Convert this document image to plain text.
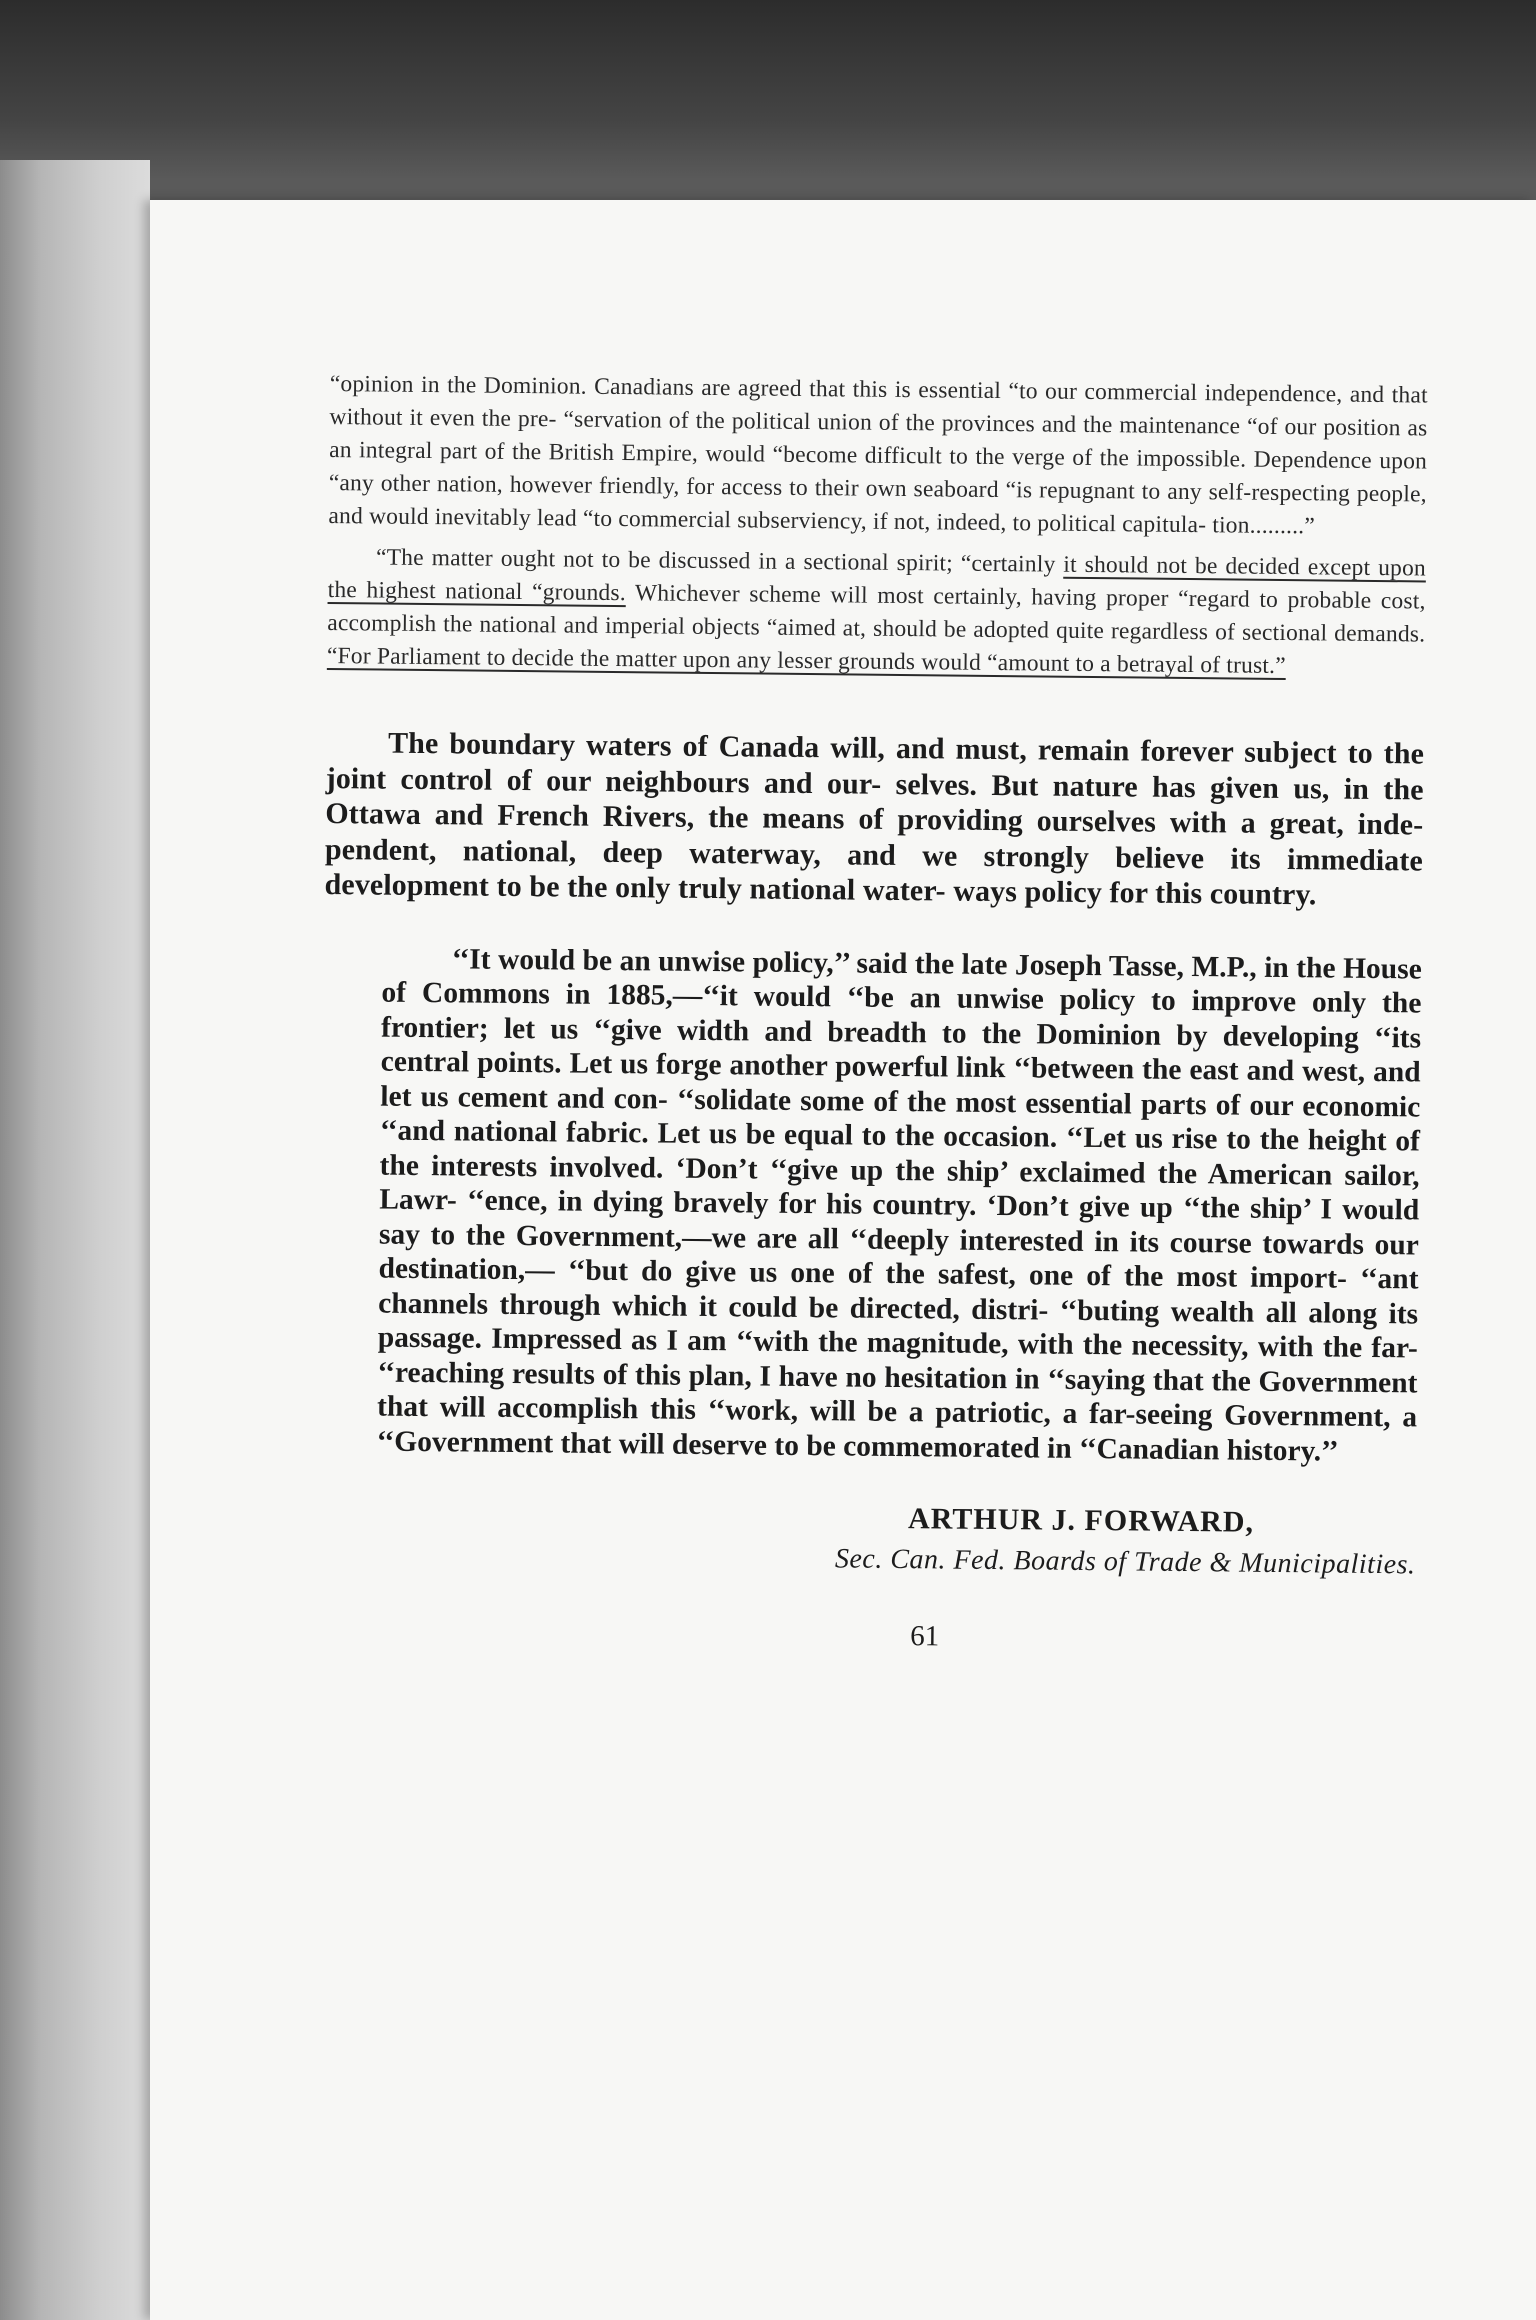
“opinion in the Dominion. Canadians are agreed that this is essential “to our commercial independence, and that without it even the pre- “servation of the political union of the provinces and the maintenance “of our position as an integral part of the British Empire, would “become difficult to the verge of the impossible. Dependence upon “any other nation, however friendly, for access to their own seaboard “is repugnant to any self-respecting people, and would inevitably lead “to commercial subserviency, if not, indeed, to political capitula- tion.........”

“The matter ought not to be discussed in a sectional spirit; “certainly it should not be decided except upon the highest national “grounds. Whichever scheme will most certainly, having proper “regard to probable cost, accomplish the national and imperial objects “aimed at, should be adopted quite regardless of sectional demands. “For Parliament to decide the matter upon any lesser grounds would “amount to a betrayal of trust.”

The boundary waters of Canada will, and must, remain forever subject to the joint control of our neighbours and our- selves. But nature has given us, in the Ottawa and French Rivers, the means of providing ourselves with a great, inde- pendent, national, deep waterway, and we strongly believe its immediate development to be the only truly national water- ways policy for this country.

‘‘It would be an unwise policy,’’ said the late Joseph Tasse, M.P., in the House of Commons in 1885,—‘‘it would ‘‘be an unwise policy to improve only the frontier; let us ‘‘give width and breadth to the Dominion by developing ‘‘its central points. Let us forge another powerful link ‘‘between the east and west, and let us cement and con- ‘‘solidate some of the most essential parts of our economic ‘‘and national fabric. Let us be equal to the occasion. ‘‘Let us rise to the height of the interests involved. ‘Don’t ‘‘give up the ship’ exclaimed the American sailor, Lawr- ‘‘ence, in dying bravely for his country. ‘Don’t give up ‘‘the ship’ I would say to the Government,—we are all ‘‘deeply interested in its course towards our destination,— ‘‘but do give us one of the safest, one of the most import- ‘‘ant channels through which it could be directed, distri- ‘‘buting wealth all along its passage. Impressed as I am ‘‘with the magnitude, with the necessity, with the far- ‘‘reaching results of this plan, I have no hesitation in ‘‘saying that the Government that will accomplish this ‘‘work, will be a patriotic, a far-seeing Government, a ‘‘Government that will deserve to be commemorated in ‘‘Canadian history.’’

ARTHUR J. FORWARD,
Sec. Can. Fed. Boards of Trade & Municipalities.
61
